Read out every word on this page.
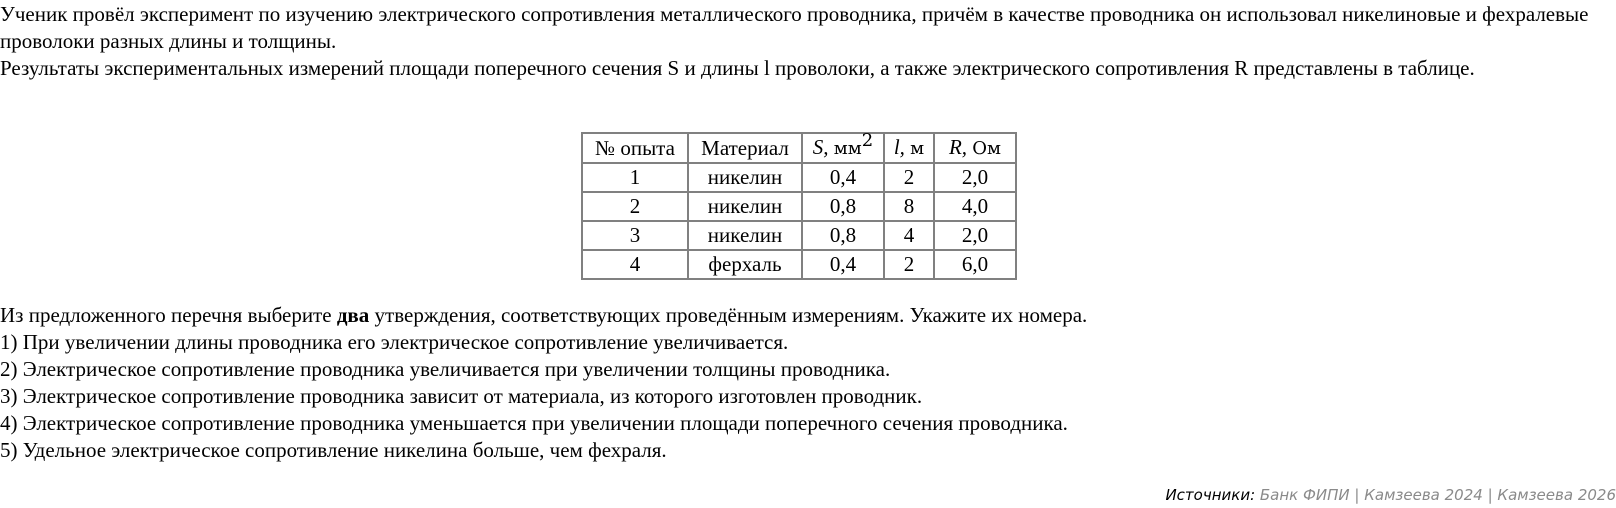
Ученик провёл эксперимент по изучению электрического сопротивления металлического проводника, причём в качестве проводника он использовал никелиновые и фехралевые проволоки разных длины и толщины.

Результаты экспериментальных измерений площади поперечного сечения S и длины l проволоки, а также электрического сопротивления R представлены в таблице.

№ опыта	Материал	S, $мм^2$	l, м	R, Ом
1	никелин	0,4	2	2,0
2	никелин	0,8	8	4,0
3	никелин	0,8	4	2,0
4	ферхаль	0,4	2	6,0

Из предложенного перечня выберите два утверждения, соответствующих проведённым измерениям. Укажите их номера.

1) При увеличении длины проводника его электрическое сопротивление увеличивается.

2) Электрическое сопротивление проводника увеличивается при увеличении толщины проводника.

3) Электрическое сопротивление проводника зависит от материала, из которого изготовлен проводник.

4) Электрическое сопротивление проводника уменьшается при увеличении площади поперечного сечения проводника.

5) Удельное электрическое сопротивление никелина больше, чем фехраля.

Источники: Банк ФИПИ | Камзеева 2024 | Камзеева 2026
